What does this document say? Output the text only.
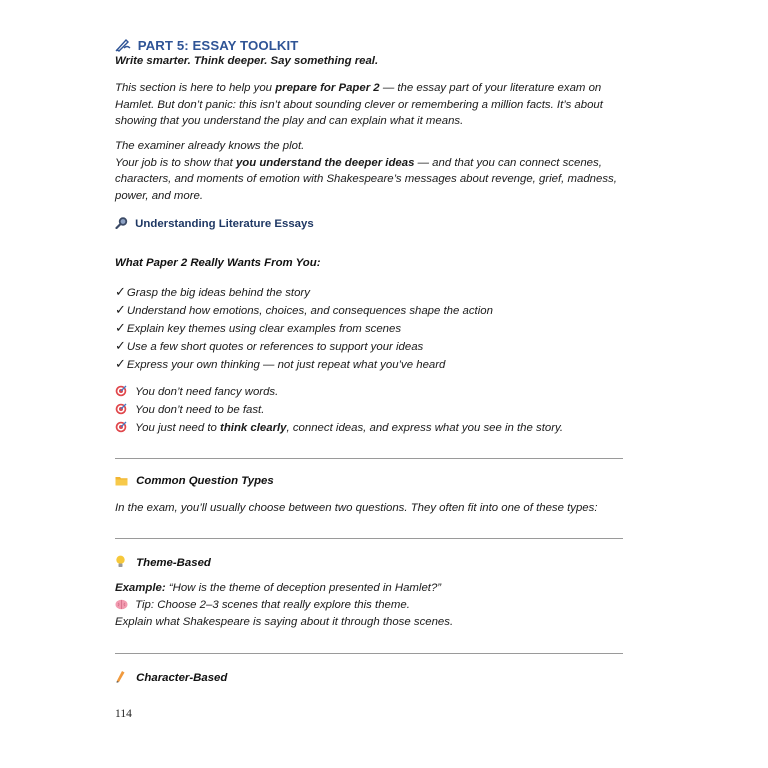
PART 5: ESSAY TOOLKIT
Write smarter. Think deeper. Say something real.
This section is here to help you prepare for Paper 2 — the essay part of your literature exam on Hamlet. But don’t panic: this isn’t about sounding clever or remembering a million facts. It’s about showing that you understand the play and can explain what it means.
The examiner already knows the plot.
Your job is to show that you understand the deeper ideas — and that you can connect scenes, characters, and moments of emotion with Shakespeare’s messages about revenge, grief, madness, power, and more.
Understanding Literature Essays
What Paper 2 Really Wants From You:
✓Grasp the big ideas behind the story
✓Understand how emotions, choices, and consequences shape the action
✓Explain key themes using clear examples from scenes
✓Use a few short quotes or references to support your ideas
✓Express your own thinking — not just repeat what you’ve heard
You don’t need fancy words.
You don’t need to be fast.
You just need to think clearly, connect ideas, and express what you see in the story.
Common Question Types
In the exam, you’ll usually choose between two questions. They often fit into one of these types:
Theme-Based
Example: “How is the theme of deception presented in Hamlet?”
Tip: Choose 2–3 scenes that really explore this theme.
Explain what Shakespeare is saying about it through those scenes.
Character-Based
114
